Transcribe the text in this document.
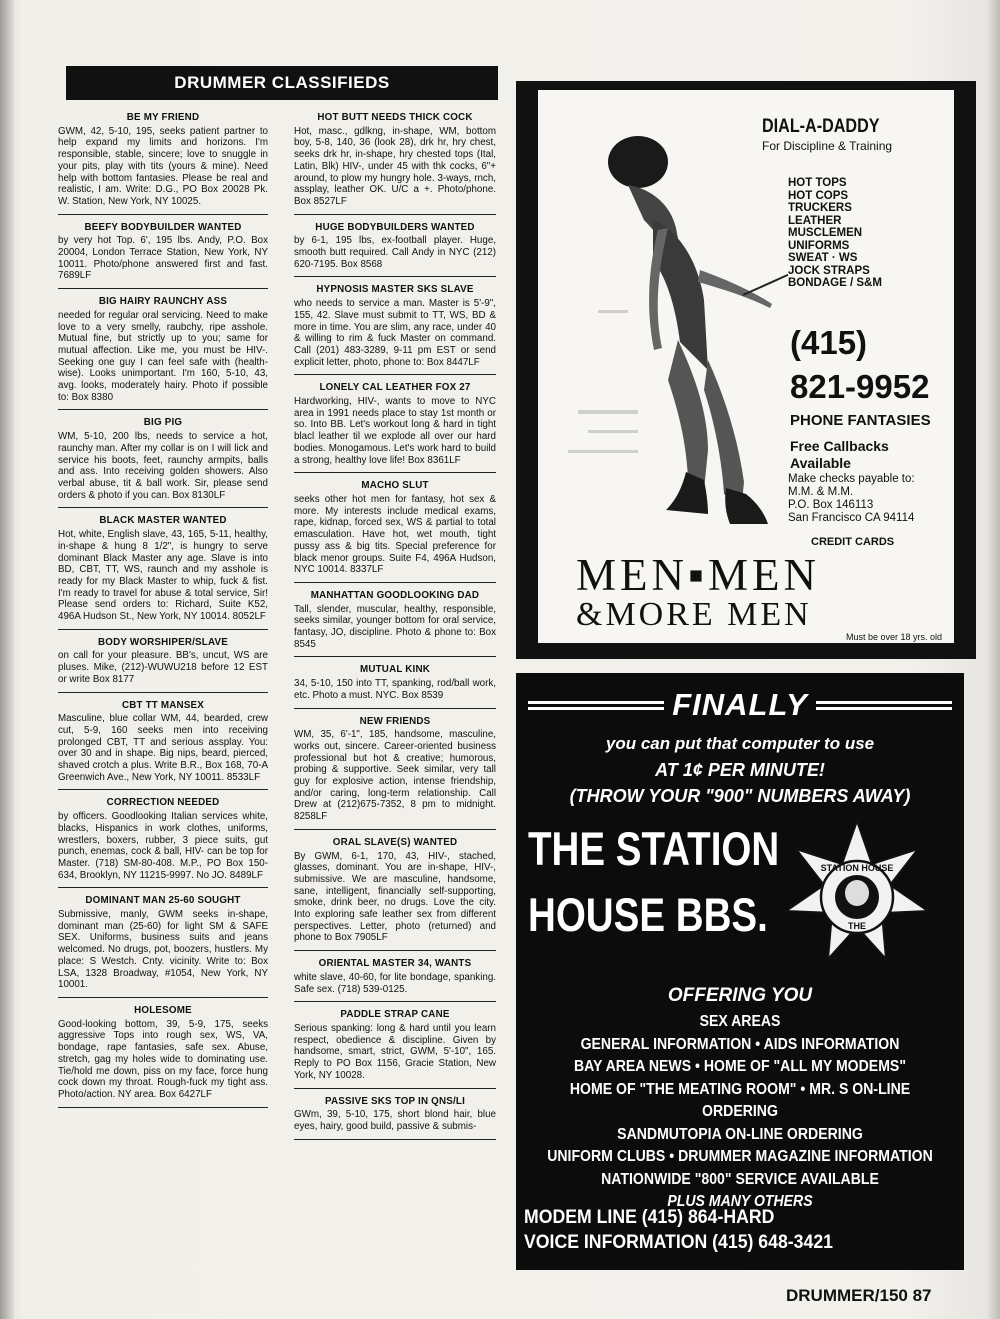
DRUMMER CLASSIFIEDS
BE MY FRIEND
GWM, 42, 5-10, 195, seeks patient partner to help expand my limits and horizons. I'm responsible, stable, sincere; love to snuggle in your pits, play with tits (yours & mine). Need help with bottom fantasies. Please be real and realistic, I am. Write: D.G., PO Box 20028 Pk. W. Station, New York, NY 10025.
BEEFY BODYBUILDER WANTED
by very hot Top. 6', 195 lbs. Andy, P.O. Box 20004, London Terrace Station, New York, NY 10011. Photo/phone answered first and fast. 7689LF
BIG HAIRY RAUNCHY ASS
needed for regular oral servicing. Need to make love to a very smelly, raubchy, ripe asshole. Mutual fine, but strictly up to you; same for mutual affection. Like me, you must be HIV-. Seeking one guy I can feel safe with (health-wise). Looks unimportant. I'm 160, 5-10, 43, avg. looks, moderately hairy. Photo if possible to: Box 8380
BIG PIG
WM, 5-10, 200 lbs, needs to service a hot, raunchy man. After my collar is on I will lick and service his boots, feet, raunchy armpits, balls and ass. Into receiving golden showers. Also verbal abuse, tit & ball work. Sir, please send orders & photo if you can. Box 8130LF
BLACK MASTER WANTED
Hot, white, English slave, 43, 165, 5-11, healthy, in-shape & hung 8 1/2", is hungry to serve dominant Black Master any age. Slave is into BD, CBT, TT, WS, raunch and my asshole is ready for my Black Master to whip, fuck & fist. I'm ready to travel for abuse & total service, Sir! Please send orders to: Richard, Suite K52, 496A Hudson St., New York, NY 10014. 8052LF
BODY WORSHIPER/SLAVE
on call for your pleasure. BB's, uncut, WS are pluses. Mike, (212)-WUWU218 before 12 EST or write Box 8177
CBT TT MANSEX
Masculine, blue collar WM, 44, bearded, crew cut, 5-9, 160 seeks men into receiving prolonged CBT, TT and serious assplay. You: over 30 and in shape. Big nips, beard, pierced, shaved crotch a plus. Write B.R., Box 168, 70-A Greenwich Ave., New York, NY 10011. 8533LF
CORRECTION NEEDED
by officers. Goodlooking Italian services white, blacks, Hispanics in work clothes, uniforms, wrestlers, boxers, rubber, 3 piece suits, gut punch, enemas, cock & ball, HIV- can be top for Master. (718) SM-80-408. M.P., PO Box 150-634, Brooklyn, NY 11215-9997. No JO. 8489LF
DOMINANT MAN 25-60 SOUGHT
Submissive, manly, GWM seeks in-shape, dominant man (25-60) for light SM & SAFE SEX. Uniforms, business suits and jeans welcomed. No drugs, pot, boozers, hustlers. My place: S Westch. Cnty. vicinity. Write to: Box LSA, 1328 Broadway, #1054, New York, NY 10001.
HOLESOME
Good-looking bottom, 39, 5-9, 175, seeks aggressive Tops into rough sex, WS, VA, bondage, rape fantasies, safe sex. Abuse, stretch, gag my holes wide to dominating use. Tie/hold me down, piss on my face, force hung cock down my throat. Rough-fuck my tight ass. Photo/action. NY area. Box 6427LF
HOT BUTT NEEDS THICK COCK
Hot, masc., gdlkng, in-shape, WM, bottom boy, 5-8, 140, 36 (look 28), drk hr, hry chest, seeks drk hr, in-shape, hry chested tops (Ital, Latin, Blk) HIV-, under 45 with thk cocks, 6"+ around, to plow my hungry hole. 3-ways, rnch, assplay, leather OK. U/C a +. Photo/phone. Box 8527LF
HUGE BODYBUILDERS WANTED
by 6-1, 195 lbs, ex-football player. Huge, smooth butt required. Call Andy in NYC (212) 620-7195. Box 8568
HYPNOSIS MASTER SKS SLAVE
who needs to service a man. Master is 5'-9", 155, 42. Slave must submit to TT, WS, BD & more in time. You are slim, any race, under 40 & willing to rim & fuck Master on command. Call (201) 483-3289, 9-11 pm EST or send explicit letter, photo, phone to: Box 8447LF
LONELY CAL LEATHER FOX 27
Hardworking, HIV-, wants to move to NYC area in 1991 needs place to stay 1st month or so. Into BB. Let's workout long & hard in tight blacl leather til we explode all over our hard bodies. Monogamous. Let's work hard to build a strong, healthy love life! Box 8361LF
MACHO SLUT
seeks other hot men for fantasy, hot sex & more. My interests include medical exams, rape, kidnap, forced sex, WS & partial to total emasculation. Have hot, wet mouth, tight pussy ass & big tits. Special preference for black menor groups. Suite F4, 496A Hudson, NYC 10014. 8337LF
MANHATTAN GOODLOOKING DAD
Tall, slender, muscular, healthy, responsible, seeks similar, younger bottom for oral service, fantasy, JO, discipline. Photo & phone to: Box 8545
MUTUAL KINK
34, 5-10, 150 into TT, spanking, rod/ball work, etc. Photo a must. NYC. Box 8539
NEW FRIENDS
WM, 35, 6'-1", 185, handsome, masculine, works out, sincere. Career-oriented business professional but hot & creative; humorous, probing & supportive. Seek similar, very tall guy for explosive action, intense friendship, and/or caring, long-term relationship. Call Drew at (212)675-7352, 8 pm to midnight. 8258LF
ORAL SLAVE(S) WANTED
By GWM, 6-1, 170, 43, HIV-, stached, glasses, dominant. You are in-shape, HIV-, submissive. We are masculine, handsome, sane, intelligent, financially self-supporting, smoke, drink beer, no drugs. Love the city. Into exploring safe leather sex from different perspectives. Letter, photo (returned) and phone to Box 7905LF
ORIENTAL MASTER 34, WANTS
white slave, 40-60, for lite bondage, spanking. Safe sex. (718) 539-0125.
PADDLE STRAP CANE
Serious spanking: long & hard until you learn respect, obedience & discipline. Given by handsome, smart, strict, GWM, 5'-10", 165. Reply to PO Box 1156, Gracie Station, New York, NY 10028.
PASSIVE SKS TOP IN QNS/LI
GWm, 39, 5-10, 175, short blond hair, blue eyes, hairy, good build, passive & submis-
DIAL-A-DADDY
For Discipline & Training
HOT TOPS
HOT COPS
TRUCKERS
LEATHER
MUSCLEMEN
UNIFORMS
SWEAT · WS
JOCK STRAPS
BONDAGE / S&M
(415)
821-9952
PHONE FANTASIES
Free Callbacks
Available
Make checks payable to:
M.M. & M.M.
P.O. Box 146113
San Francisco CA 94114
CREDIT CARDS
MEN▪MEN
&MORE MEN
Must be over 18 yrs. old
FINALLY
you can put that computer to use
AT 1¢ PER MINUTE!
(THROW YOUR "900" NUMBERS AWAY)
THE STATION
HOUSE BBS.
STATION HOUSE
THE
OFFERING YOU
SEX AREAS
GENERAL INFORMATION • AIDS INFORMATION
BAY AREA NEWS • HOME OF "ALL MY MODEMS"
HOME OF "THE MEATING ROOM" • MR. S ON-LINE ORDERING
SANDMUTOPIA ON-LINE ORDERING
UNIFORM CLUBS • DRUMMER MAGAZINE INFORMATION
NATIONWIDE "800" SERVICE AVAILABLE
PLUS MANY OTHERS
MODEM LINE (415) 864-HARD
VOICE INFORMATION (415) 648-3421
DRUMMER/150 87
